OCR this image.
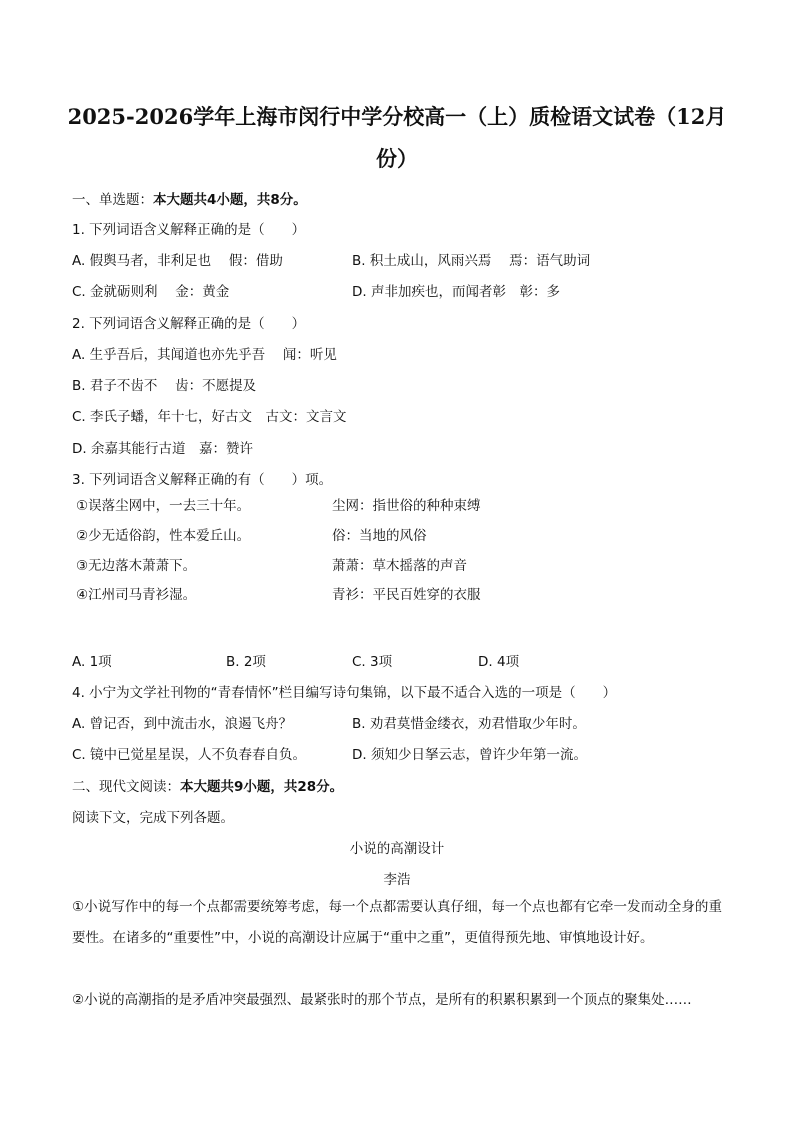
2025-2026学年上海市闵行中学分校高一（上）质检语文试卷（12月
份）
一、单选题：本大题共4小题，共8分。
1. 下列词语含义解释正确的是（　　）
A. 假舆马者，非利足也　 假：借助	B. 积土成山，风雨兴焉　 焉：语气助词
C. 金就砺则利　 金：黄金	D. 声非加疾也，而闻者彰　彰：多
2. 下列词语含义解释正确的是（　　）
A. 生乎吾后，其闻道也亦先乎吾　 闻：听见
B. 君子不齿不　 齿：不愿提及
C. 李氏子蟠，年十七，好古文　古文：文言文
D. 余嘉其能行古道　嘉：赞许
3. 下列词语含义解释正确的有（　　）项。
①误落尘网中，一去三十年。	尘网：指世俗的种种束缚
②少无适俗韵，性本爱丘山。	俗：当地的风俗
③无边落木萧萧下。	萧萧：草木摇落的声音
④江州司马青衫湿。	青衫：平民百姓穿的衣服
A. 1项	B. 2项	C. 3项	D. 4项
4. 小宁为文学社刊物的“青春情怀”栏目编写诗句集锦，以下最不适合入选的一项是（　　）
A. 曾记否，到中流击水，浪遏飞舟？	B. 劝君莫惜金缕衣，劝君惜取少年时。
C. 镜中已觉星星误，人不负春春自负。	D. 须知少日拏云志，曾许少年第一流。
二、现代文阅读：本大题共9小题，共28分。
阅读下文，完成下列各题。
小说的高潮设计
李浩
①小说写作中的每一个点都需要统筹考虑，每一个点都需要认真仔细，每一个点也都有它牵一发而动全身的重要性。在诸多的“重要性”中，小说的高潮设计应属于“重中之重”，更值得预先地、审慎地设计好。
②小说的高潮指的是矛盾冲突最强烈、最紧张时的那个节点，是所有的积累积累到一个顶点的聚集处……
